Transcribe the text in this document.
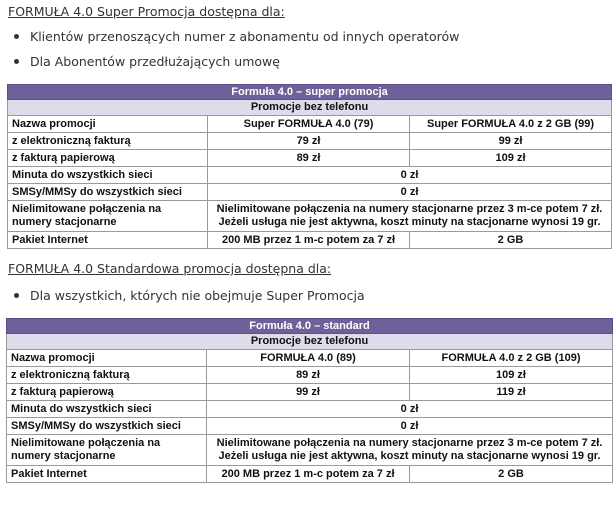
FORMUŁA 4.0 Super Promocja dostępna dla:
Klientów przenoszących numer z abonamentu od innych operatorów
Dla Abonentów przedłużających umowę
Formuła 4.0 – super promocja		
Promocje bez telefonu		
Nazwa promocji	Super FORMUŁA 4.0 (79)	Super FORMUŁA 4.0 z 2 GB (99)
z elektroniczną fakturą	79 zł	99 zł
z fakturą papierową	89 zł	109 zł
Minuta do wszystkich sieci	0 zł	
SMSy/MMSy do wszystkich sieci	0 zł	
Nielimitowane połączenia na numery stacjonarne	Nielimitowane połączenia na numery stacjonarne przez 3 m-ce potem 7 zł.
Jeżeli usługa nie jest aktywna, koszt minuty na stacjonarne wynosi 19 gr.	

Pakiet Internet	200 MB przez 1 m-c potem za 7 zł	2 GB
FORMUŁA 4.0 Standardowa promocja dostępna dla:
Dla wszystkich, których nie obejmuje Super Promocja
Formuła 4.0 – standard		
Promocje bez telefonu		
Nazwa promocji	FORMUŁA 4.0 (89)	FORMUŁA 4.0 z 2 GB (109)
z elektroniczną fakturą	89 zł	109 zł
z fakturą papierową	99 zł	119 zł
Minuta do wszystkich sieci	0 zł	
SMSy/MMSy do wszystkich sieci	0 zł	
Nielimitowane połączenia na numery stacjonarne	Nielimitowane połączenia na numery stacjonarne przez 3 m-ce potem 7 zł.
Jeżeli usługa nie jest aktywna, koszt minuty na stacjonarne wynosi 19 gr.	

Pakiet Internet	200 MB przez 1 m-c potem za 7 zł	2 GB
